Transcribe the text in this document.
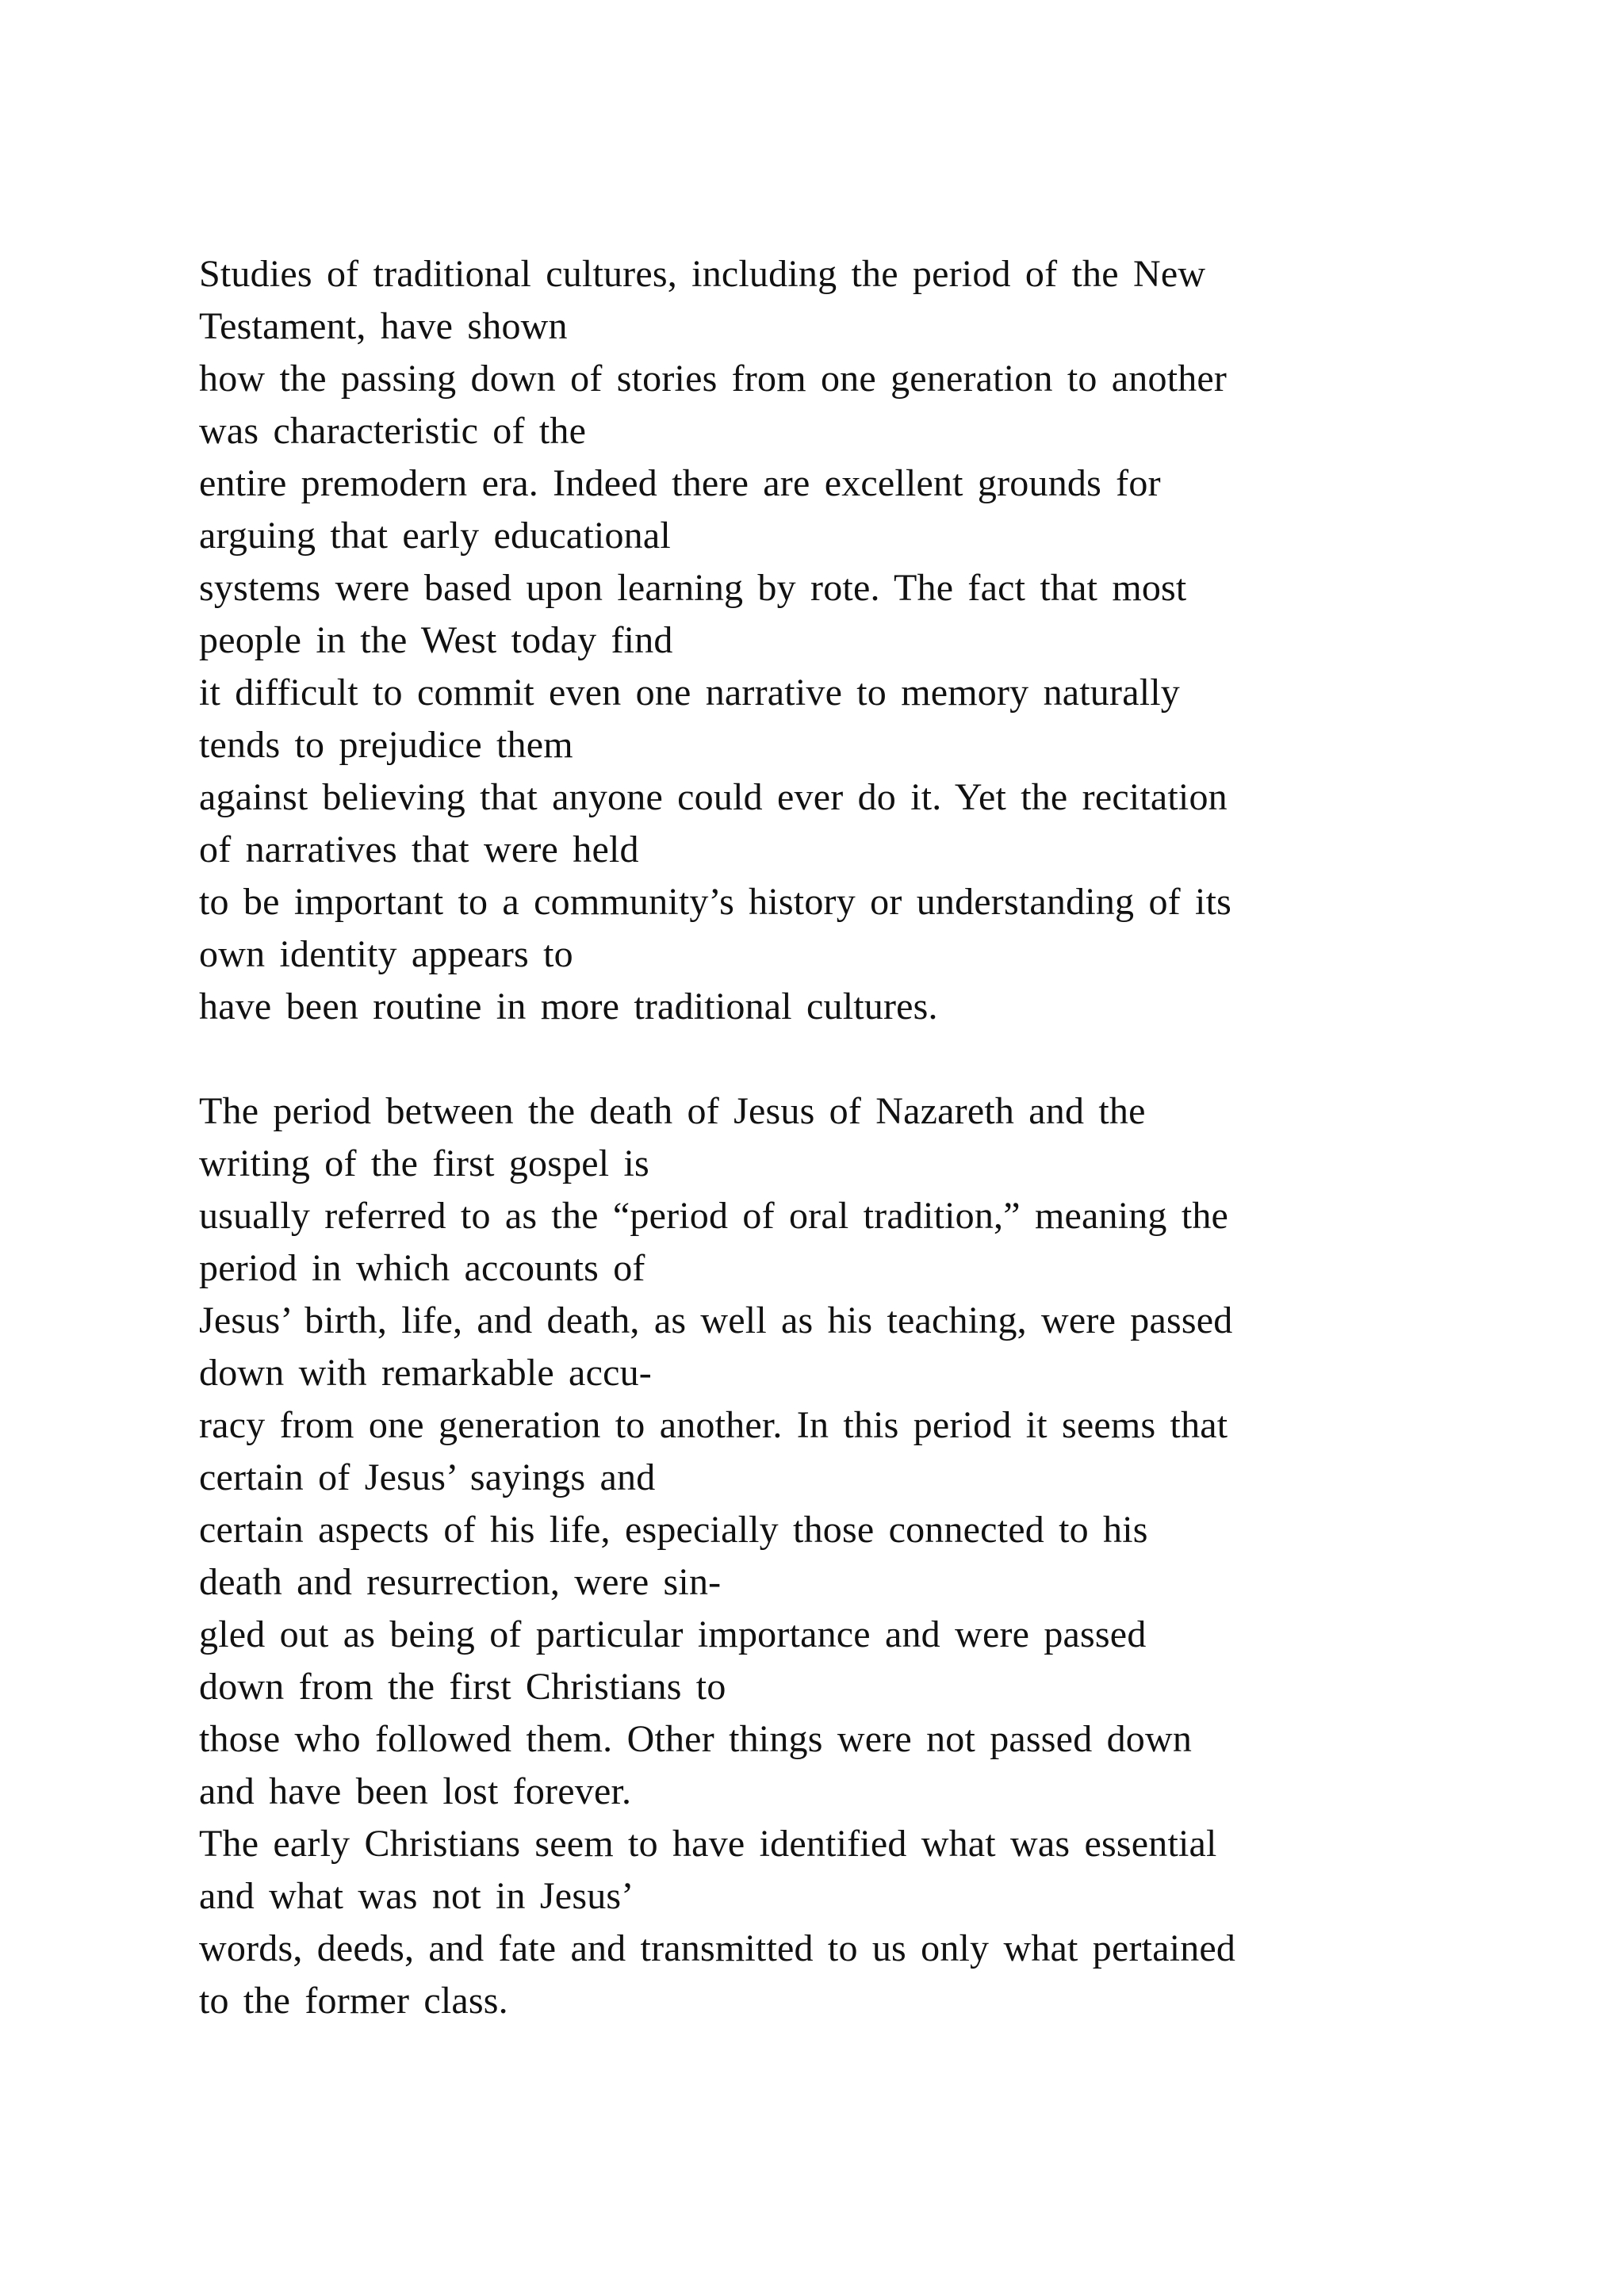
Studies of traditional cultures, including the period of the New
Testament, have shown
how the passing down of stories from one generation to another
was characteristic of the
entire premodern era. Indeed there are excellent grounds for
arguing that early educational
systems were based upon learning by rote. The fact that most
people in the West today find
it difficult to commit even one narrative to memory naturally
tends to prejudice them
against believing that anyone could ever do it. Yet the recitation
of narratives that were held
to be important to a community’s history or understanding of its
own identity appears to
have been routine in more traditional cultures.
The period between the death of Jesus of Nazareth and the
writing of the first gospel is
usually referred to as the “period of oral tradition,” meaning the
period in which accounts of
Jesus’ birth, life, and death, as well as his teaching, were passed
down with remarkable accu-
racy from one generation to another. In this period it seems that
certain of Jesus’ sayings and
certain aspects of his life, especially those connected to his
death and resurrection, were sin-
gled out as being of particular importance and were passed
down from the first Christians to
those who followed them. Other things were not passed down
and have been lost forever.
The early Christians seem to have identified what was essential
and what was not in Jesus’
words, deeds, and fate and transmitted to us only what pertained
to the former class.
